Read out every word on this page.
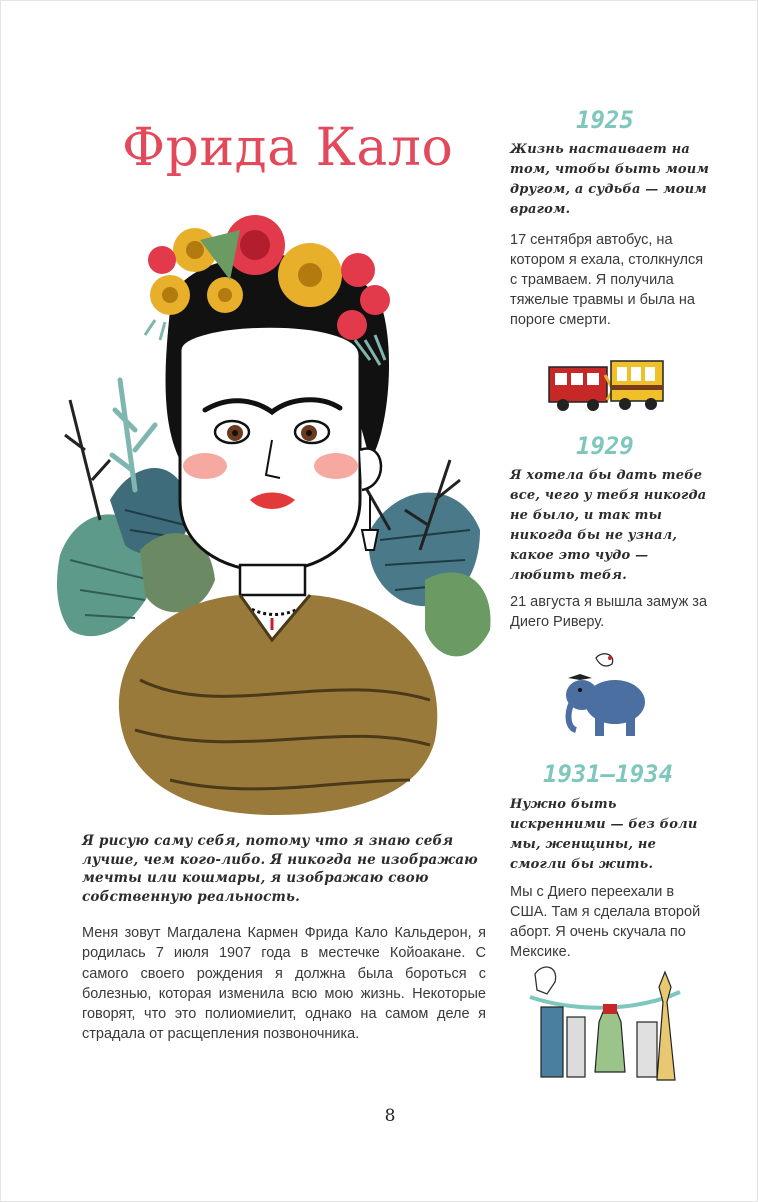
Фрида Кало
Я рисую саму себя, потому что я знаю себя лучше, чем кого-либо. Я никогда не изображаю мечты или кошмары, я изображаю свою собственную реальность.
Меня зовут Магдалена Кармен Фрида Кало Кальдерон, я родилась 7 июля 1907 года в местечке Койоакане. С самого своего рождения я должна была бороться с болезнью, которая изменила всю мою жизнь. Некоторые говорят, что это полиомиелит, однако на самом деле я страдала от расщепления позвоночника.
1925
Жизнь настаивает на том, чтобы быть моим другом, а судьба — моим врагом.
17 сентября автобус, на котором я ехала, столкнулся с трамваем. Я получила тяжелые травмы и была на пороге смерти.
1929
Я хотела бы дать тебе все, чего у тебя никогда не было, и так ты никогда бы не узнал, какое это чудо — любить тебя.
21 августа я вышла замуж за Диего Риверу.
1931–1934
Нужно быть искренними — без боли мы, женщины, не смогли бы жить.
Мы с Диего переехали в США. Там я сделала второй аборт. Я очень скучала по Мексике.
8
